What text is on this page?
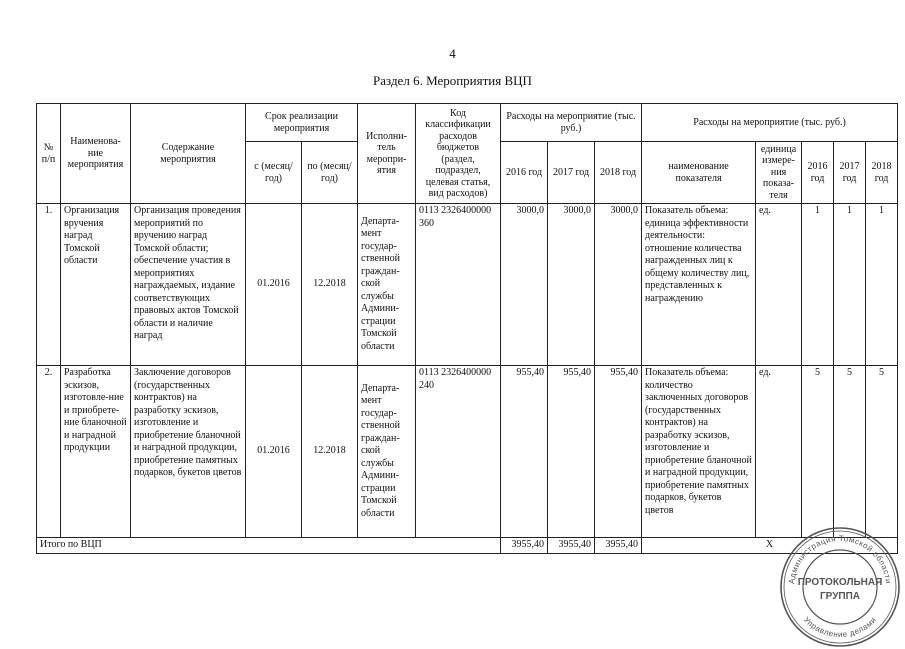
4
Раздел 6. Мероприятия ВЦП
№ п/п	Наименова-ние мероприятия	Содержание мероприятия	Срок реализации мероприятия		Исполни-тель меропри-ятия	Код классификации расходов бюджетов (раздел, подраздел, целевая статья, вид расходов)	Расходы на мероприятие (тыс. руб.)			Расходы на мероприятие (тыс. руб.)				
			с (месяц/ год)	по (месяц/ год)			2016 год	2017 год	2018 год	наименование показателя	единица измере-ния показа-теля	2016 год	2017 год	2018 год
1.	Организация вручения наград Томской области	Организация проведения мероприятий по вручению наград Томской области; обеспечение участия в мероприятиях награждаемых, издание соответствующих правовых актов Томской области и наличие наград	01.2016	12.2018	Департа-мент государ-ственной граждан-ской службы Админи-страции Томской области	0113 2326400000 360	3000,0	3000,0	3000,0	Показатель объема: единица эффективности деятельности: отношение количества награжденных лиц к общему количеству лиц, представленных к награждению	ед.	1	1	1
2.	Разработка эскизов, изготовле-ние и приобрете-ние бланочной и наградной продукции	Заключение договоров (государственных контрактов) на разработку эскизов, изготовление и приобретение бланочной и наградной продукции, приобретение памятных подарков, букетов цветов	01.2016	12.2018	Департа-мент государ-ственной граждан-ской службы Админи-страции Томской области	0113 2326400000 240	955,40	955,40	955,40	Показатель объема: количество заключенных договоров (государственных контрактов) на разработку эскизов, изготовление и приобретение бланочной и наградной продукции, приобретение памятных подарков, букетов цветов	ед.	5	5	5
Итого по ВЦП							3955,40	3955,40	3955,40	Х				
Администрация Томской области
Управление делами
ПРОТОКОЛЬНАЯ
ГРУППА
